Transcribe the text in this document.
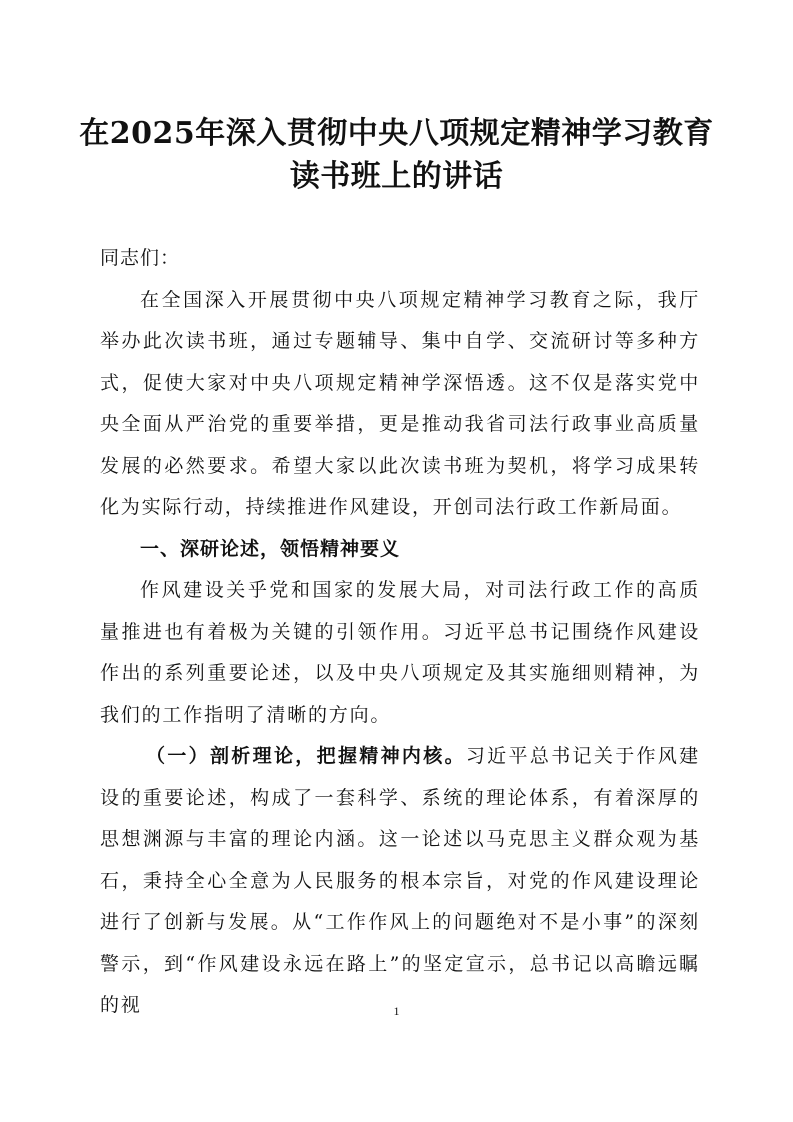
在2025年深入贯彻中央八项规定精神学习教育
读书班上的讲话

同志们：

在全国深入开展贯彻中央八项规定精神学习教育之际，我厅举办此次读书班，通过专题辅导、集中自学、交流研讨等多种方式，促使大家对中央八项规定精神学深悟透。这不仅是落实党中央全面从严治党的重要举措，更是推动我省司法行政事业高质量发展的必然要求。希望大家以此次读书班为契机，将学习成果转化为实际行动，持续推进作风建设，开创司法行政工作新局面。

一、深研论述，领悟精神要义

作风建设关乎党和国家的发展大局，对司法行政工作的高质量推进也有着极为关键的引领作用。习近平总书记围绕作风建设作出的系列重要论述，以及中央八项规定及其实施细则精神，为我们的工作指明了清晰的方向。

（一）剖析理论，把握精神内核。习近平总书记关于作风建设的重要论述，构成了一套科学、系统的理论体系，有着深厚的思想渊源与丰富的理论内涵。这一论述以马克思主义群众观为基石，秉持全心全意为人民服务的根本宗旨，对党的作风建设理论进行了创新与发展。从“工作作风上的问题绝对不是小事”的深刻警示，到“作风建设永远在路上”的坚定宣示，总书记以高瞻远瞩的视	1
